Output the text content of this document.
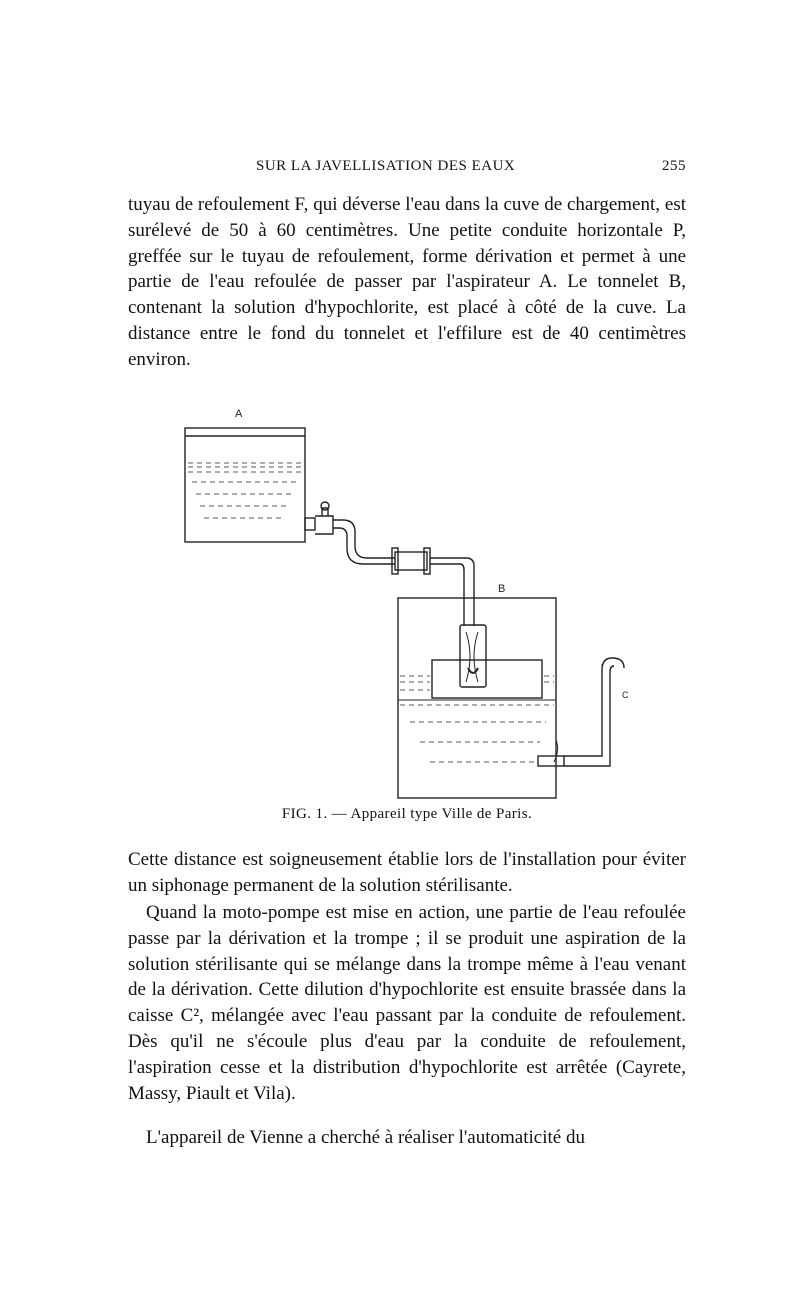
SUR LA JAVELLISATION DES EAUX	255

tuyau de refoulement F, qui déverse l'eau dans la cuve de chargement, est surélevé de 50 à 60 centimètres. Une petite conduite horizontale P, greffée sur le tuyau de refoulement, forme dérivation et permet à une partie de l'eau refoulée de passer par l'aspirateur A. Le tonnelet B, contenant la solution d'hypochlorite, est placé à côté de la cuve. La distance entre le fond du tonnelet et l'effilure est de 40 centimètres environ.

A
B
C
FIG. 1. — Appareil type Ville de Paris.

Cette distance est soigneusement établie lors de l'installation pour éviter un siphonage permanent de la solution stérilisante.

Quand la moto-pompe est mise en action, une partie de l'eau refoulée passe par la dérivation et la trompe ; il se produit une aspiration de la solution stérilisante qui se mélange dans la trompe même à l'eau venant de la dérivation. Cette dilution d'hypochlorite est ensuite brassée dans la caisse C², mélangée avec l'eau passant par la conduite de refoulement. Dès qu'il ne s'écoule plus d'eau par la conduite de refoulement, l'aspiration cesse et la distribution d'hypochlorite est arrêtée (Cayrete, Massy, Piault et Vila).

L'appareil de Vienne a cherché à réaliser l'automaticité du
